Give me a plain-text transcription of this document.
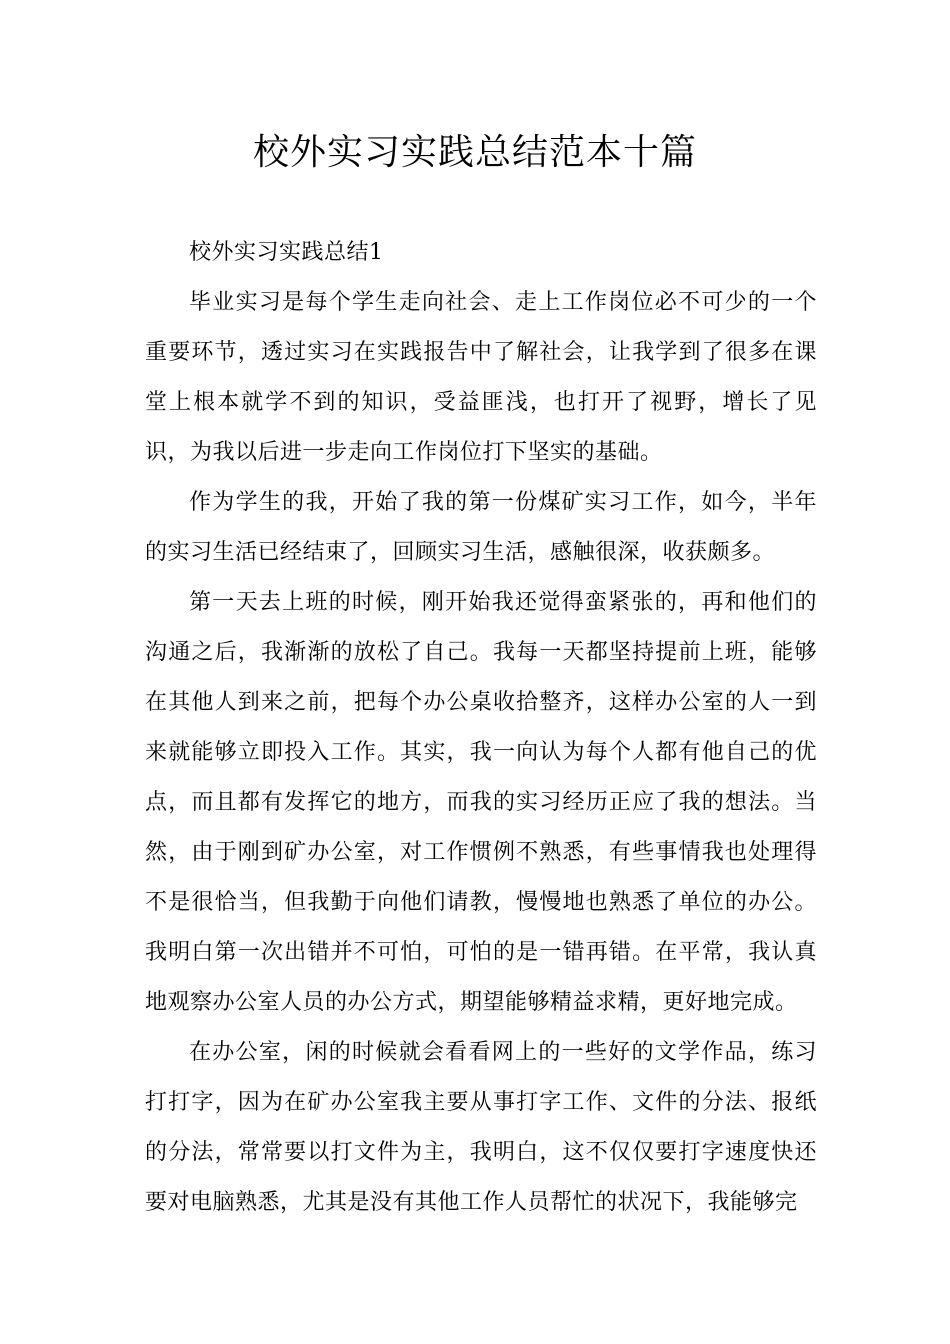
校外实习实践总结范本十篇

校外实习实践总结1

毕业实习是每个学生走向社会、走上工作岗位必不可少的一个重要环节，透过实习在实践报告中了解社会，让我学到了很多在课堂上根本就学不到的知识，受益匪浅，也打开了视野，增长了见识，为我以后进一步走向工作岗位打下坚实的基础。

作为学生的我，开始了我的第一份煤矿实习工作，如今，半年的实习生活已经结束了，回顾实习生活，感触很深，收获颇多。

第一天去上班的时候，刚开始我还觉得蛮紧张的，再和他们的沟通之后，我渐渐的放松了自己。我每一天都坚持提前上班，能够在其他人到来之前，把每个办公桌收拾整齐，这样办公室的人一到来就能够立即投入工作。其实，我一向认为每个人都有他自己的优点，而且都有发挥它的地方，而我的实习经历正应了我的想法。当然，由于刚到矿办公室，对工作惯例不熟悉，有些事情我也处理得不是很恰当，但我勤于向他们请教，慢慢地也熟悉了单位的办公。我明白第一次出错并不可怕，可怕的是一错再错。在平常，我认真地观察办公室人员的办公方式，期望能够精益求精，更好地完成。

在办公室，闲的时候就会看看网上的一些好的文学作品，练习打打字，因为在矿办公室我主要从事打字工作、文件的分法、报纸的分法，常常要以打文件为主，我明白，这不仅仅要打字速度快还要对电脑熟悉，尤其是没有其他工作人员帮忙的状况下，我能够完
